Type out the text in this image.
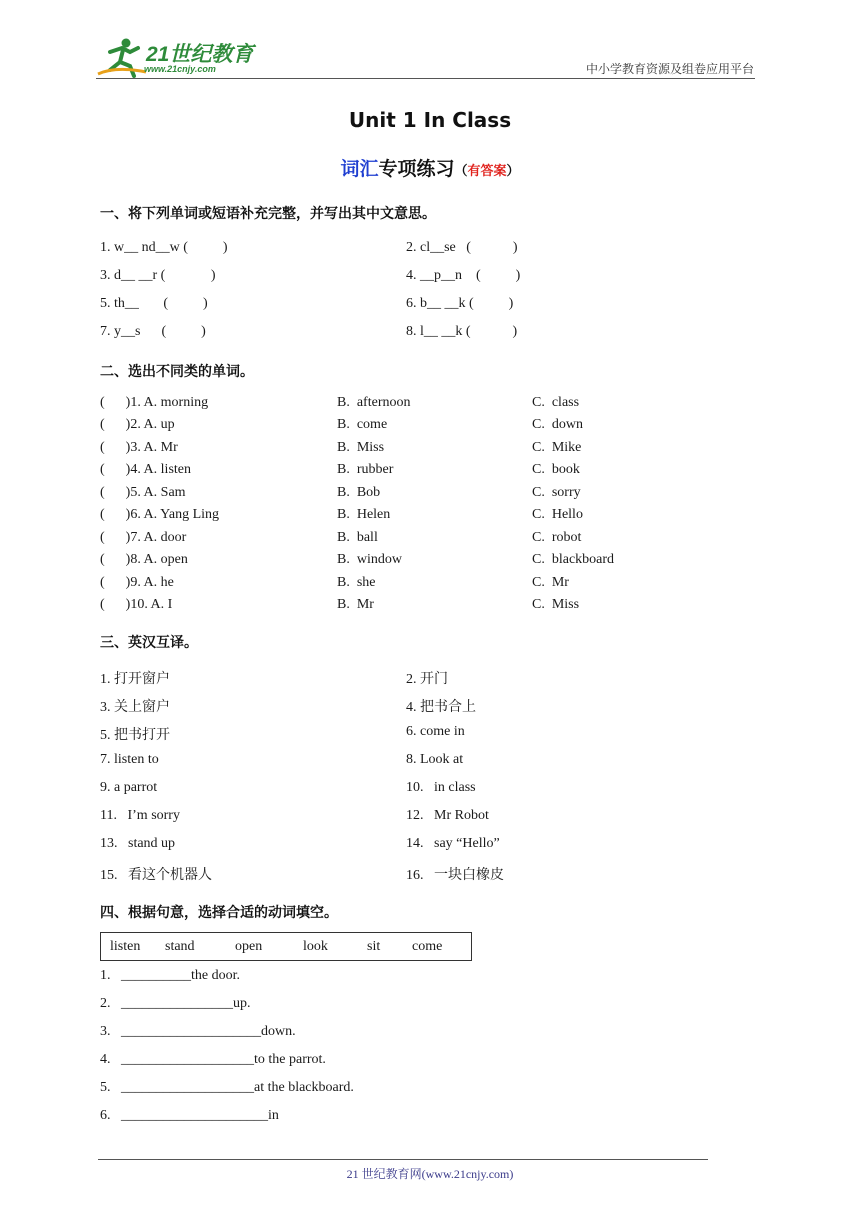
21世纪教育
www.21cnjy.com	中小学教育资源及组卷应用平台
Unit 1 In Class
词汇专项练习（有答案）
一、将下列单词或短语补充完整，并写出其中文意思。
1. w__ nd__w (          )	2. cl__se   (            )
3. d__ __r (             )	4. __p__n    (          )
5. th__       (          )	6. b__ __k (          )
7. y__s      (          )	8. l__ __k (            )
二、选出不同类的单词。
(      )1. A. morning	B.  afternoon	C.  class
(      )2. A. up	B.  come	C.  down
(      )3. A. Mr	B.  Miss	C.  Mike
(      )4. A. listen	B.  rubber	C.  book
(      )5. A. Sam	B.  Bob	C.  sorry
(      )6. A. Yang Ling	B.  Helen	C.  Hello
(      )7. A. door	B.  ball	C.  robot
(      )8. A. open	B.  window	C.  blackboard
(      )9. A. he	B.  she	C.  Mr
(      )10. A. I	B.  Mr	C.  Miss
三、英汉互译。
1. 打开窗户	2. 开门
3. 关上窗户	4. 把书合上
5. 把书打开	6. come in
7. listen to	8. Look at
9. a parrot	10.   in class
11.   I’m sorry	12.   Mr Robot
13.   stand up	14.   say “Hello”
15.   看这个机器人	16.   一块白橡皮
四、根据句意，选择合适的动词填空。
listen stand	open	look	sit come
1.   __________the door.
2.   ________________up.
3.   ____________________down.
4.   ___________________to the parrot.
5.   ___________________at the blackboard.
6.   _____________________in
21 世纪教育网(www.21cnjy.com)
